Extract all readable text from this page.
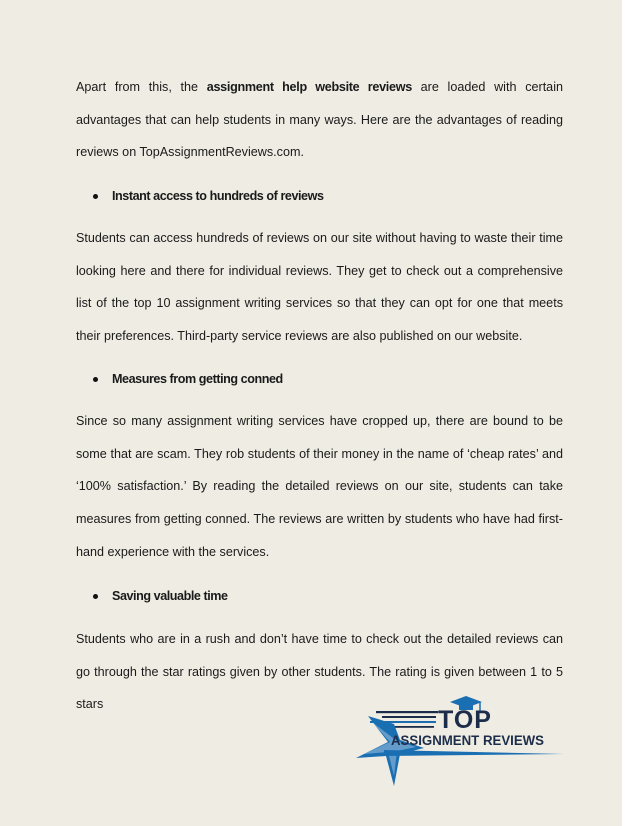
Apart from this, the assignment help website reviews are loaded with certain advantages that can help students in many ways. Here are the advantages of reading reviews on TopAssignmentReviews.com.

Instant access to hundreds of reviews

Students can access hundreds of reviews on our site without having to waste their time looking here and there for individual reviews. They get to check out a comprehensive list of the top 10 assignment writing services so that they can opt for one that meets their preferences. Third-party service reviews are also published on our website.

Measures from getting conned

Since so many assignment writing services have cropped up, there are bound to be some that are scam. They rob students of their money in the name of ‘cheap rates’ and ‘100% satisfaction.’ By reading the detailed reviews on our site, students can take measures from getting conned. The reviews are written by students who have had first-hand experience with the services.

Saving valuable time

Students who are in a rush and don’t have time to check out the detailed reviews can go through the star ratings given by other students. The rating is given between 1 to 5 stars

TOP
ASSIGNMENT REVIEWS
